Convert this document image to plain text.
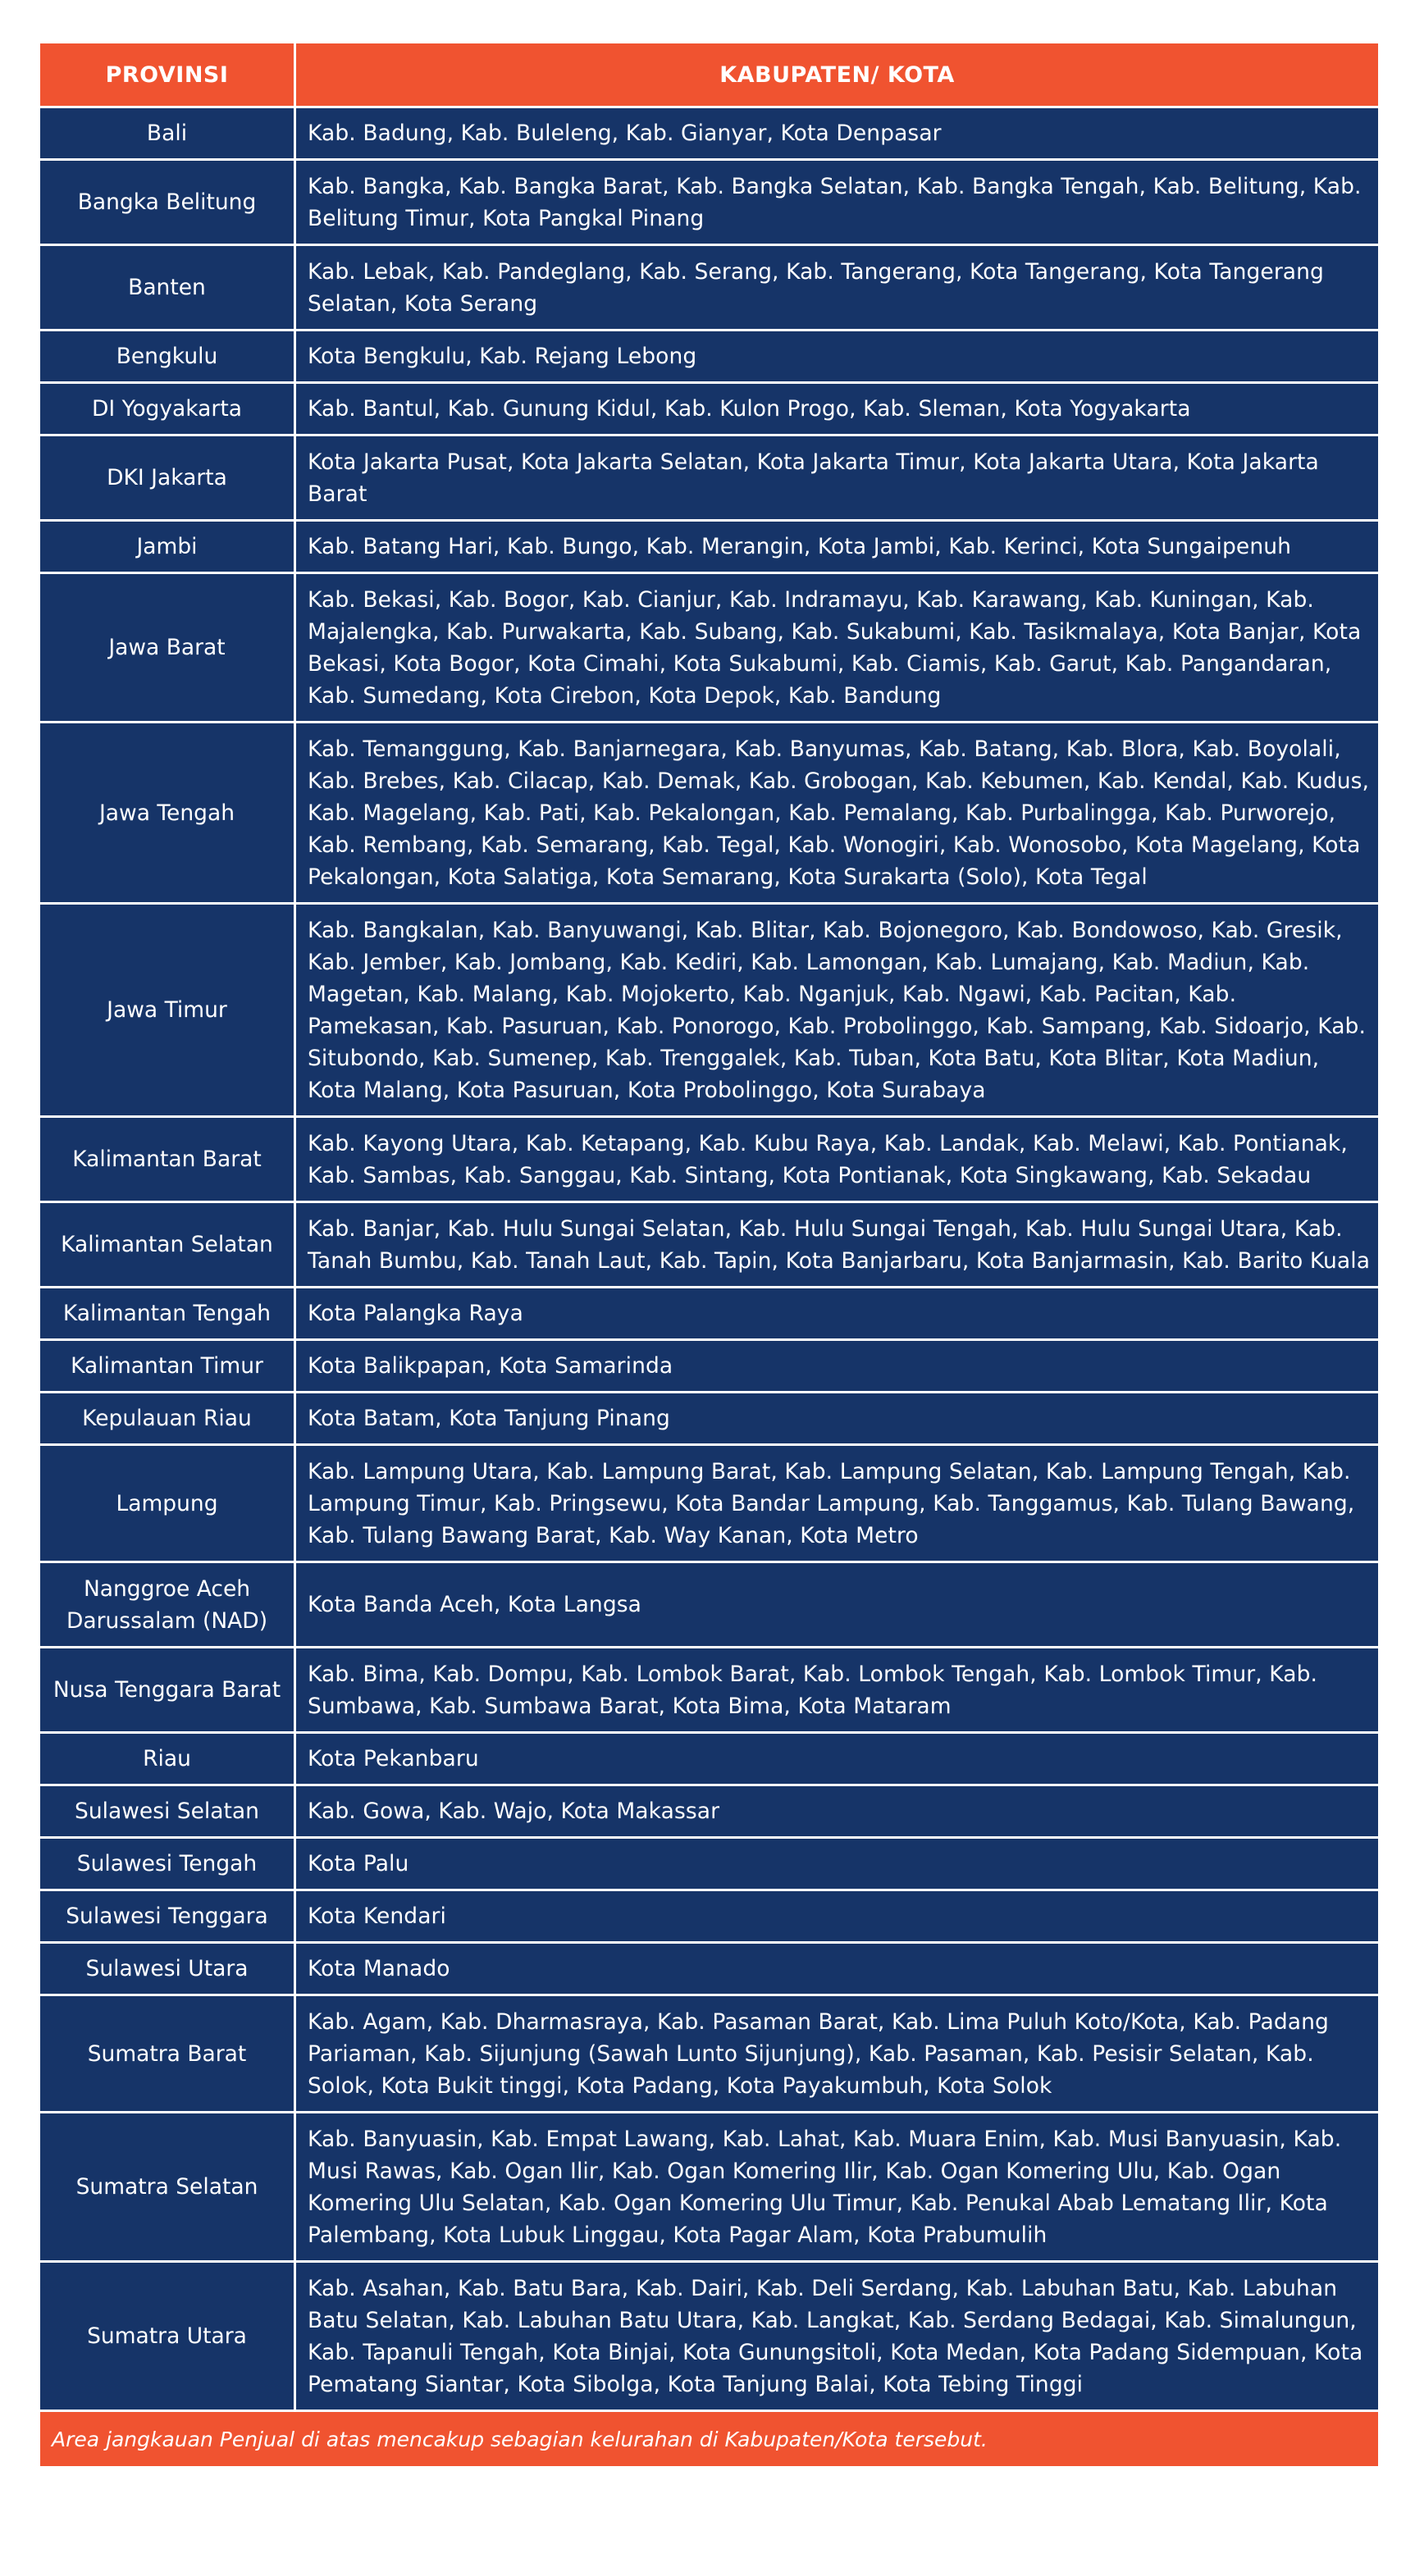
PROVINSI	KABUPATEN/ KOTA
Bali	Kab. Badung, Kab. Buleleng, Kab. Gianyar, Kota Denpasar
Bangka Belitung	Kab. Bangka, Kab. Bangka Barat, Kab. Bangka Selatan, Kab. Bangka Tengah, Kab. Belitung, Kab. Belitung Timur, Kota Pangkal Pinang
Banten	Kab. Lebak, Kab. Pandeglang, Kab. Serang, Kab. Tangerang, Kota Tangerang, Kota Tangerang Selatan, Kota Serang
Bengkulu	Kota Bengkulu, Kab. Rejang Lebong
DI Yogyakarta	Kab. Bantul, Kab. Gunung Kidul, Kab. Kulon Progo, Kab. Sleman, Kota Yogyakarta
DKI Jakarta	Kota Jakarta Pusat, Kota Jakarta Selatan, Kota Jakarta Timur, Kota Jakarta Utara, Kota Jakarta Barat
Jambi	Kab. Batang Hari, Kab. Bungo, Kab. Merangin, Kota Jambi, Kab. Kerinci, Kota Sungaipenuh
Jawa Barat	Kab. Bekasi, Kab. Bogor, Kab. Cianjur, Kab. Indramayu, Kab. Karawang, Kab. Kuningan, Kab. Majalengka, Kab. Purwakarta, Kab. Subang, Kab. Sukabumi, Kab. Tasikmalaya, Kota Banjar, Kota Bekasi, Kota Bogor, Kota Cimahi, Kota Sukabumi, Kab. Ciamis, Kab. Garut, Kab. Pangandaran, Kab. Sumedang, Kota Cirebon, Kota Depok, Kab. Bandung
Jawa Tengah	Kab. Temanggung, Kab. Banjarnegara, Kab. Banyumas, Kab. Batang, Kab. Blora, Kab. Boyolali, Kab. Brebes, Kab. Cilacap, Kab. Demak, Kab. Grobogan, Kab. Kebumen, Kab. Kendal, Kab. Kudus, Kab. Magelang, Kab. Pati, Kab. Pekalongan, Kab. Pemalang, Kab. Purbalingga, Kab. Purworejo, Kab. Rembang, Kab. Semarang, Kab. Tegal, Kab. Wonogiri, Kab. Wonosobo, Kota Magelang, Kota Pekalongan, Kota Salatiga, Kota Semarang, Kota Surakarta (Solo), Kota Tegal
Jawa Timur	Kab. Bangkalan, Kab. Banyuwangi, Kab. Blitar, Kab. Bojonegoro, Kab. Bondowoso, Kab. Gresik, Kab. Jember, Kab. Jombang, Kab. Kediri, Kab. Lamongan, Kab. Lumajang, Kab. Madiun, Kab. Magetan, Kab. Malang, Kab. Mojokerto, Kab. Nganjuk, Kab. Ngawi, Kab. Pacitan, Kab. Pamekasan, Kab. Pasuruan, Kab. Ponorogo, Kab. Probolinggo, Kab. Sampang, Kab. Sidoarjo, Kab. Situbondo, Kab. Sumenep, Kab. Trenggalek, Kab. Tuban, Kota Batu, Kota Blitar, Kota Madiun, Kota Malang, Kota Pasuruan, Kota Probolinggo, Kota Surabaya
Kalimantan Barat	Kab. Kayong Utara, Kab. Ketapang, Kab. Kubu Raya, Kab. Landak, Kab. Melawi, Kab. Pontianak, Kab. Sambas, Kab. Sanggau, Kab. Sintang, Kota Pontianak, Kota Singkawang, Kab. Sekadau
Kalimantan Selatan	Kab. Banjar, Kab. Hulu Sungai Selatan, Kab. Hulu Sungai Tengah, Kab. Hulu Sungai Utara, Kab. Tanah Bumbu, Kab. Tanah Laut, Kab. Tapin, Kota Banjarbaru, Kota Banjarmasin, Kab. Barito Kuala
Kalimantan Tengah	Kota Palangka Raya
Kalimantan Timur	Kota Balikpapan, Kota Samarinda
Kepulauan Riau	Kota Batam, Kota Tanjung Pinang
Lampung	Kab. Lampung Utara, Kab. Lampung Barat, Kab. Lampung Selatan, Kab. Lampung Tengah, Kab. Lampung Timur, Kab. Pringsewu, Kota Bandar Lampung, Kab. Tanggamus, Kab. Tulang Bawang, Kab. Tulang Bawang Barat, Kab. Way Kanan, Kota Metro
Nanggroe Aceh Darussalam (NAD)	Kota Banda Aceh, Kota Langsa
Nusa Tenggara Barat	Kab. Bima, Kab. Dompu, Kab. Lombok Barat, Kab. Lombok Tengah, Kab. Lombok Timur, Kab. Sumbawa, Kab. Sumbawa Barat, Kota Bima, Kota Mataram
Riau	Kota Pekanbaru
Sulawesi Selatan	Kab. Gowa, Kab. Wajo, Kota Makassar
Sulawesi Tengah	Kota Palu
Sulawesi Tenggara	Kota Kendari
Sulawesi Utara	Kota Manado
Sumatra Barat	Kab. Agam, Kab. Dharmasraya, Kab. Pasaman Barat, Kab. Lima Puluh Koto/Kota, Kab. Padang Pariaman, Kab. Sijunjung (Sawah Lunto Sijunjung), Kab. Pasaman, Kab. Pesisir Selatan, Kab. Solok, Kota Bukit tinggi, Kota Padang, Kota Payakumbuh, Kota Solok
Sumatra Selatan	Kab. Banyuasin, Kab. Empat Lawang, Kab. Lahat, Kab. Muara Enim, Kab. Musi Banyuasin, Kab. Musi Rawas, Kab. Ogan Ilir, Kab. Ogan Komering Ilir, Kab. Ogan Komering Ulu, Kab. Ogan Komering Ulu Selatan, Kab. Ogan Komering Ulu Timur, Kab. Penukal Abab Lematang Ilir, Kota Palembang, Kota Lubuk Linggau, Kota Pagar Alam, Kota Prabumulih
Sumatra Utara	Kab. Asahan, Kab. Batu Bara, Kab. Dairi, Kab. Deli Serdang, Kab. Labuhan Batu, Kab. Labuhan Batu Selatan, Kab. Labuhan Batu Utara, Kab. Langkat, Kab. Serdang Bedagai, Kab. Simalungun, Kab. Tapanuli Tengah, Kota Binjai, Kota Gunungsitoli, Kota Medan, Kota Padang Sidempuan, Kota Pematang Siantar, Kota Sibolga, Kota Tanjung Balai, Kota Tebing Tinggi
Area jangkauan Penjual di atas mencakup sebagian kelurahan di Kabupaten/Kota tersebut.	
